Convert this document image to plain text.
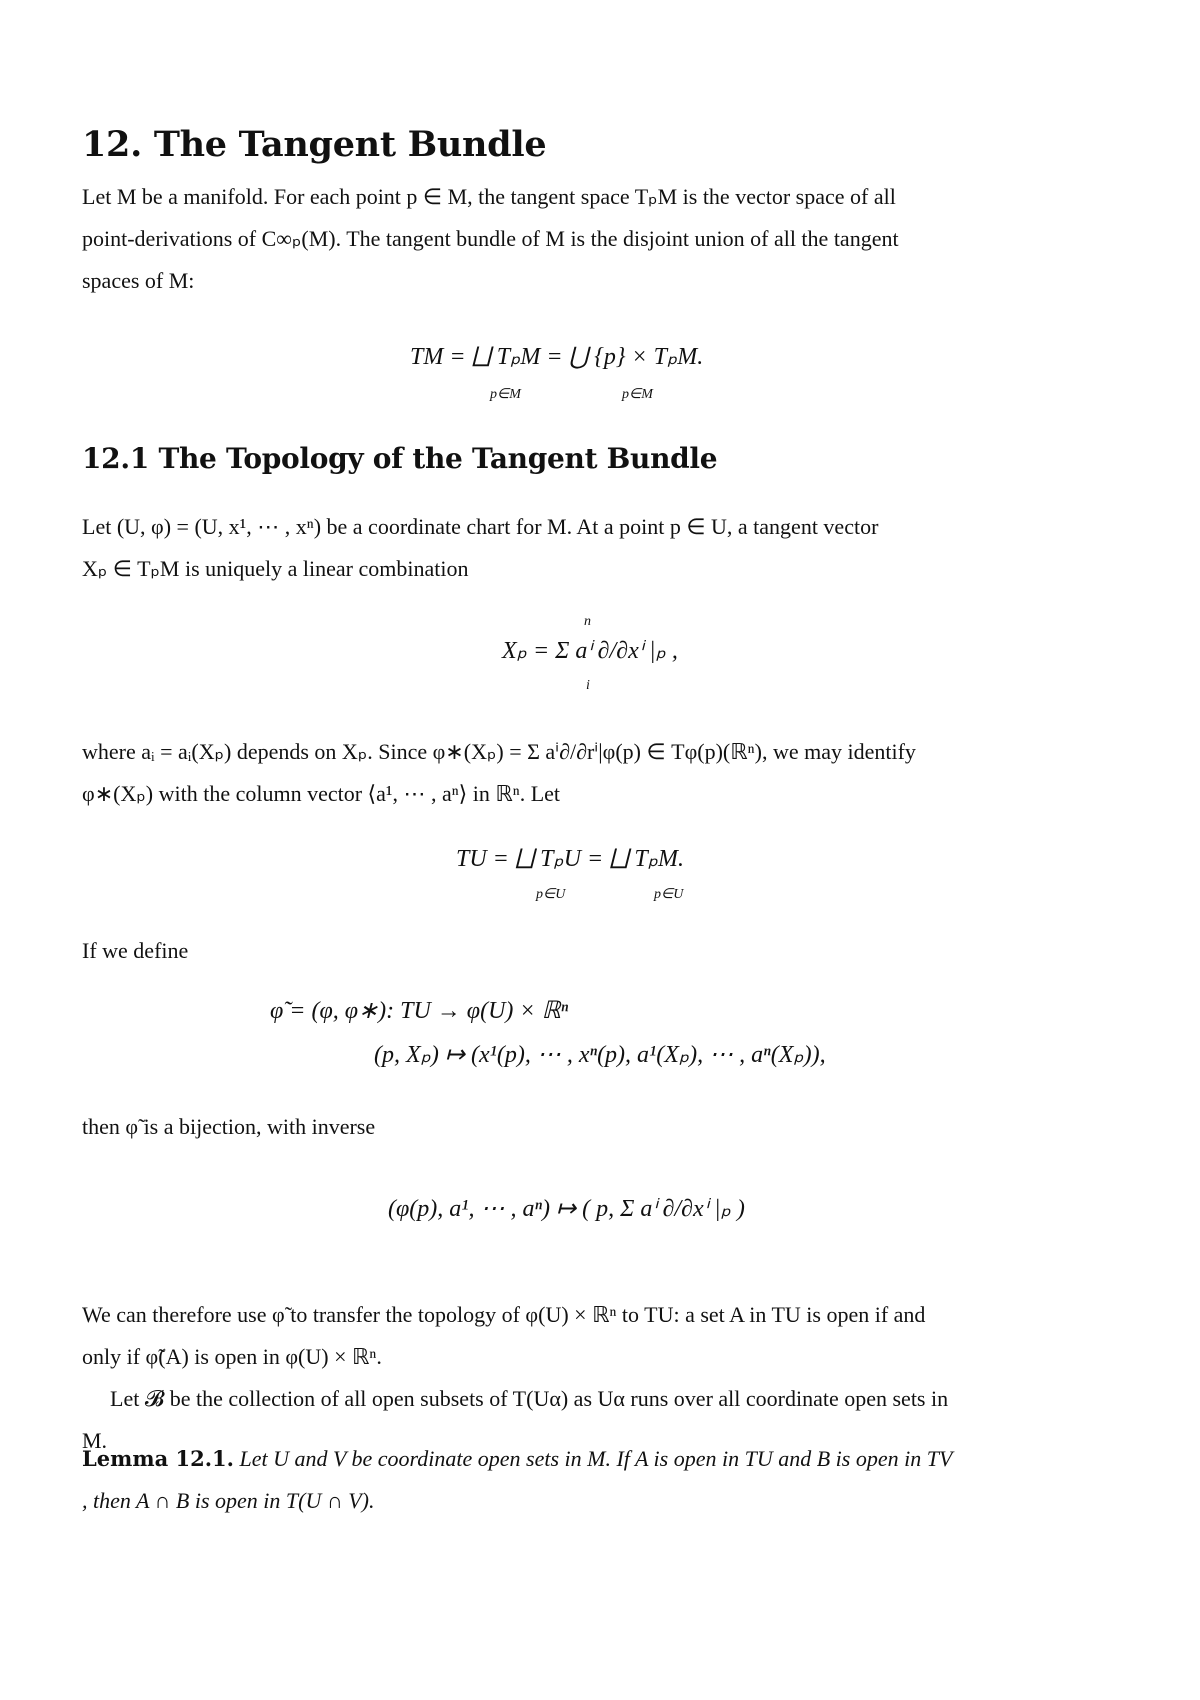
12. The Tangent Bundle
Let M be a manifold. For each point p ∈ M, the tangent space TₚM is the vector space of all
point-derivations of C∞ₚ(M). The tangent bundle of M is the disjoint union of all the tangent
spaces of M:
TM = ⨆ TₚM = ⋃ {p} × TₚM.
p∈M	p∈M
12.1 The Topology of the Tangent Bundle
Let (U, φ) = (U, x¹, ⋯ , xⁿ) be a coordinate chart for M. At a point p ∈ U, a tangent vector
Xₚ ∈ TₚM is uniquely a linear combination
Xₚ = Σ aⁱ ∂/∂xⁱ |ₚ ,
n
i
where aᵢ = aᵢ(Xₚ) depends on Xₚ. Since φ∗(Xₚ) = Σ aⁱ∂/∂rⁱ|φ(p) ∈ Tφ(p)(ℝⁿ), we may identify
φ∗(Xₚ) with the column vector ⟨a¹, ⋯ , aⁿ⟩ in ℝⁿ. Let
TU = ⨆ TₚU = ⨆ TₚM.
p∈U	p∈U
If we define
φ̃ = (φ, φ∗): TU → φ(U) × ℝⁿ
(p, Xₚ) ↦ (x¹(p), ⋯ , xⁿ(p), a¹(Xₚ), ⋯ , aⁿ(Xₚ)),
then φ̃ is a bijection, with inverse
(φ(p), a¹, ⋯ , aⁿ) ↦ ( p, Σ aⁱ ∂/∂xⁱ |ₚ )
We can therefore use φ̃ to transfer the topology of φ(U) × ℝⁿ to TU: a set A in TU is open if and
only if φ̃(A) is open in φ(U) × ℝⁿ.
Let 𝓑 be the collection of all open subsets of T(Uα) as Uα runs over all coordinate open sets in
M.
Lemma 12.1. Let U and V be coordinate open sets in M. If A is open in TU and B is open in TV
, then A ∩ B is open in T(U ∩ V).
